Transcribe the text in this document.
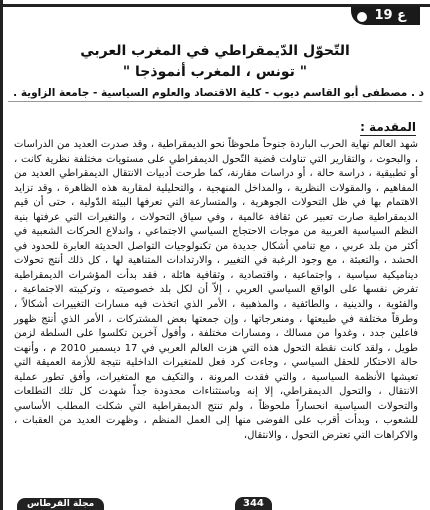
ع 19
التّحوّل الدّيمقراطي في المغرب العربي
" تونس ، المغرب أنموذجا "
د . مصطفى أبو القاسم ديوب - كلية الاقتصاد والعلوم السياسية - جامعة الزاوية .
المقدمة :

شهد العالم نهاية الحرب الباردة جنوحاً ملحوظاً نحو الديمقراطية ، وقد صدرت العديد من الدراسات ، والبحوث ، والتقارير التي تناولت قضية التّحول الديمقراطي على مستويات مختلفة نظرية كانت ، أو تطبيقية ، دراسة حالة ، أو دراسات مقارنة، كما طرحت أدبيات الانتقال الديمقراطي العديد من المفاهيم ، والمقولات النظرية ، والمداخل المنهجية ، والتحليلية لمقاربة هذه الظاهرة ، وقد تزايد الاهتمام بها في ظل التحولات الجوهرية ، والمتسارعة التي تعرفها البيئة الدّولية ، حتى أن قيم الديمقراطية صارت تعبير عن ثقافة عالمية ، وفي سياق التحولات ، والتغيرات التي عرفتها بنية النظم السياسية العربية من موجات الاحتجاج السياسي الاجتماعي ، واندلاع الحركات الشعبية في أكثر من بلد عربي ، مع تنامي أشكال جديدة من تكنولوجيات التواصل الحديثة العابرة للحدود في الحشد ، والتعبئة ، مع وجود الرغبة في التغيير ، والارتدادات المتناهية لها ، كل ذلك أنتج تحولات ديناميكية سياسية ، واجتماعية ، واقتصادية ، وثقافية هائلة ، فقد بدأت المؤشرات الديمقراطية تفرض نفسها على الواقع السياسي العربي ، إلاّ أن لكل بلد خصوصيته ، وتركيبته الاجتماعية ، والفئوية ، والدينية ، والطائفية ، والمذهبية ، الأمر الذي اتخذت فيه مسارات التغييرات أشكالاً ، وطرقاً مختلفة في طبيعتها ، ومنعرجاتها ، وإن جمعتها بعض المشتركات ، الأمر الذي أنتج ظهور فاعلين جدد ، وغدوا من مسالك ، ومسارات مختلفة ، وأفول آخرين تكلسوا على السلطة لزمن طويل ، ولقد كانت نقطة التحول هذه التي هزت العالم العربي في 17 ديسمبر 2010 م ، وأنهت حالة الاحتكار للحقل السياسي ، وجاءت كرد فعل للمتغيرات الداخلية نتيجة للأزمة العميقة التي تعيشها الأنظمة السياسية ، والتي فقدت المرونة ، والتكيف مع المتغيرات، وأفق تطور عملية الانتقال ، والتحول الديمقراطي، إلا إنه وباستثناءات محدودة جداً شهدت كل تلك التطلعات والتحولات السياسية انحساراً ملحوظاً ، ولم تنتج الديمقراطية التي شكلت المطلب الأساسي للشعوب ، وبدأت أقرب على الفوضى منها إلى العمل المنظم ، وظهرت العديد من العقبات ، والاكراهات التي تعترض التحول ، والانتقال،

مجلة القرطاس	344
